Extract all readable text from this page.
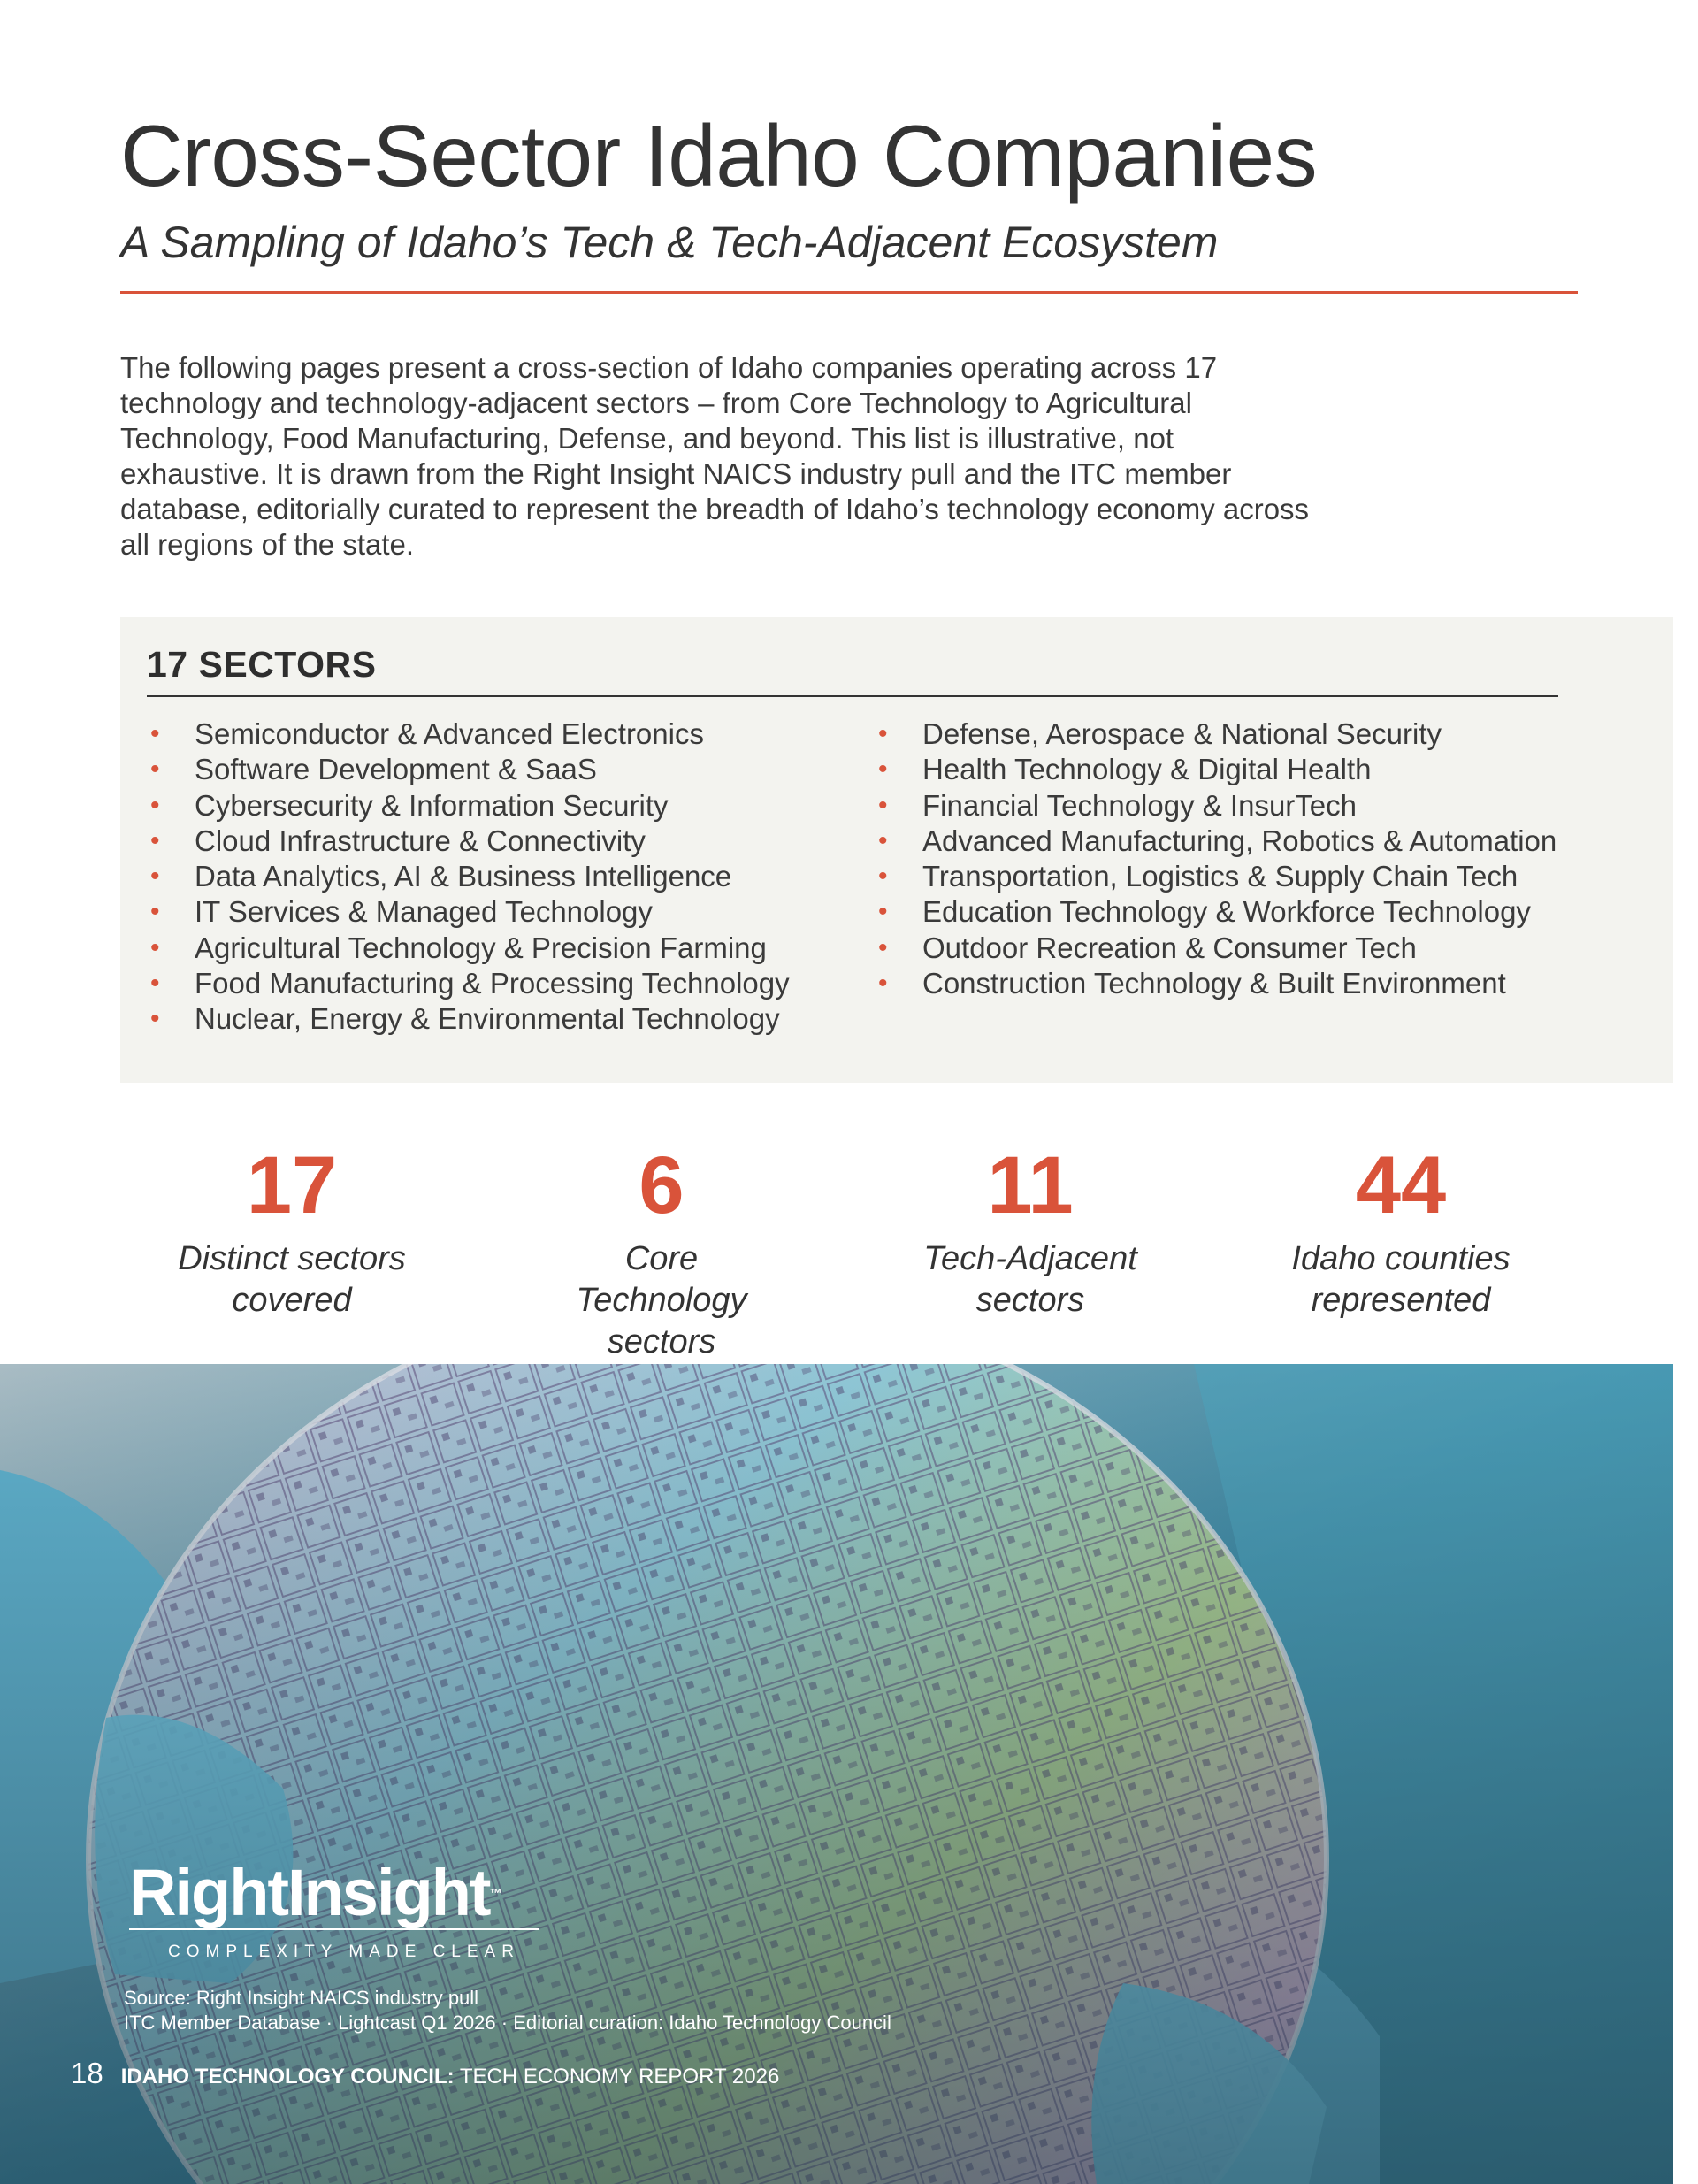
Cross-Sector Idaho Companies

A Sampling of Idaho’s Tech & Tech-Adjacent Ecosystem

The following pages present a cross-section of Idaho companies operating across 17 technology and technology-adjacent sectors – from Core Technology to Agricultural Technology, Food Manufacturing, Defense, and beyond. This list is illustrative, not exhaustive. It is drawn from the Right Insight NAICS industry pull and the ITC member database, editorially curated to represent the breadth of Idaho’s technology economy across all regions of the state.

17 SECTORS
• Semiconductor & Advanced Electronics
• Software Development & SaaS
• Cybersecurity & Information Security
• Cloud Infrastructure & Connectivity
• Data Analytics, AI & Business Intelligence
• IT Services & Managed Technology
• Agricultural Technology & Precision Farming
• Food Manufacturing & Processing Technology
• Nuclear, Energy & Environmental Technology
• Defense, Aerospace & National Security
• Health Technology & Digital Health
• Financial Technology & InsurTech
• Advanced Manufacturing, Robotics & Automation
• Transportation, Logistics & Supply Chain Tech
• Education Technology & Workforce Technology
• Outdoor Recreation & Consumer Tech
• Construction Technology & Built Environment
17
Distinct sectors covered
6
Core Technology sectors
11
Tech-Adjacent sectors
44
Idaho counties represented
RightInsight™
COMPLEXITY MADE CLEAR
Source: Right Insight NAICS industry pull
ITC Member Database · Lightcast Q1 2026 · Editorial curation: Idaho Technology Council
18 IDAHO TECHNOLOGY COUNCIL: TECH ECONOMY REPORT 2026
